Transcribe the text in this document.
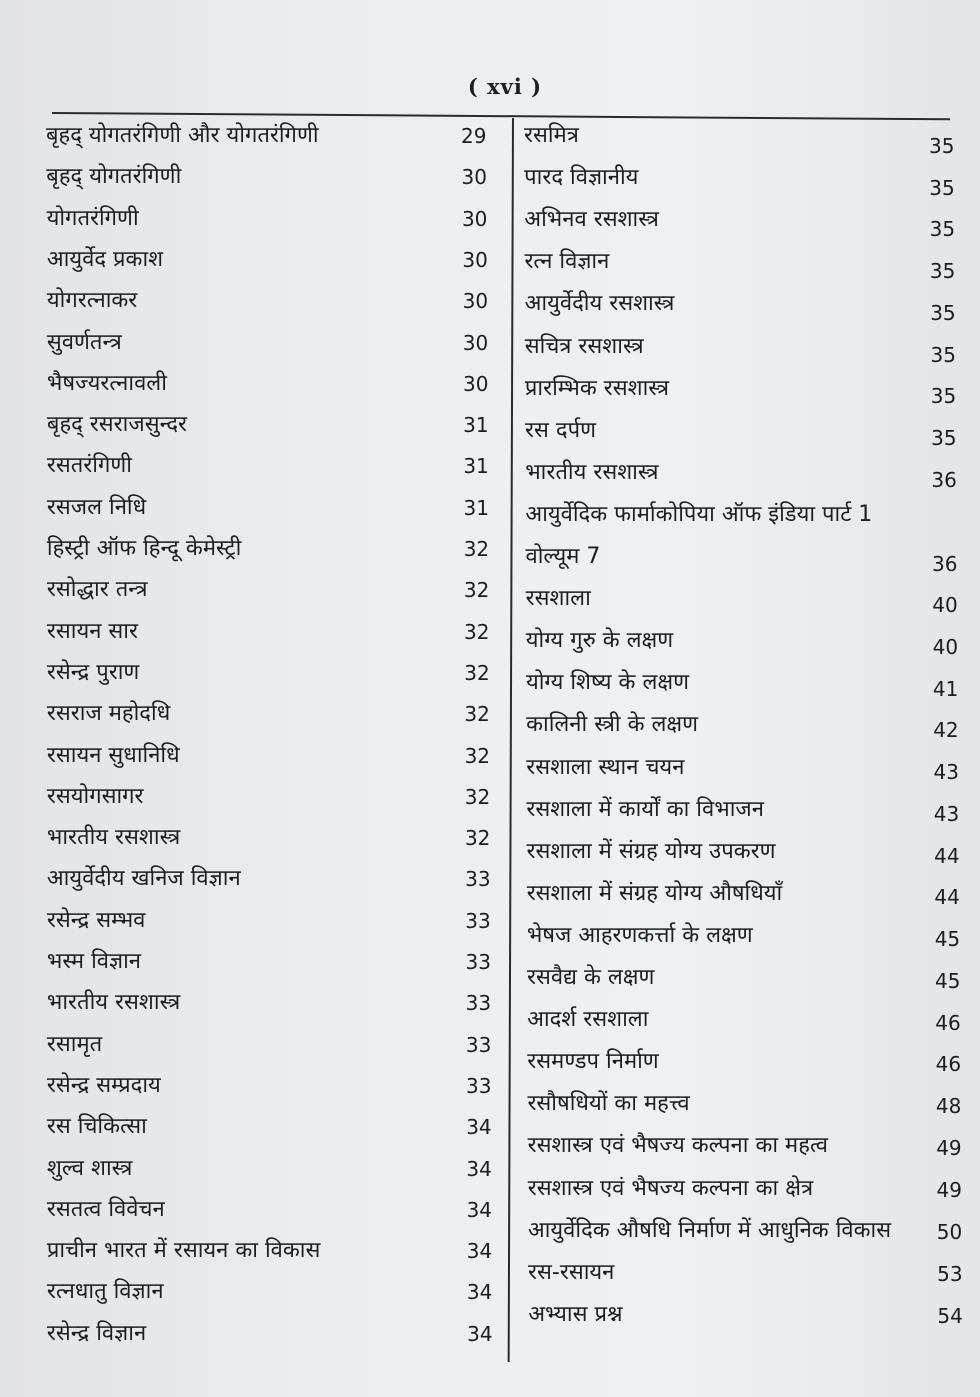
( xvi )
बृहद् योगतरंगिणी और योगतरंगिणी	29
बृहद् योगतरंगिणी	30
योगतरंगिणी	30
आयुर्वेद प्रकाश	30
योगरत्नाकर	30
सुवर्णतन्त्र	30
भैषज्यरत्नावली	30
बृहद् रसराजसुन्दर	31
रसतरंगिणी	31
रसजल निधि	31
हिस्ट्री ऑफ हिन्दू केमेस्ट्री	32
रसोद्धार तन्त्र	32
रसायन सार	32
रसेन्द्र पुराण	32
रसराज महोदधि	32
रसायन सुधानिधि	32
रसयोगसागर	32
भारतीय रसशास्त्र	32
आयुर्वेदीय खनिज विज्ञान	33
रसेन्द्र सम्भव	33
भस्म विज्ञान	33
भारतीय रसशास्त्र	33
रसामृत	33
रसेन्द्र सम्प्रदाय	33
रस चिकित्सा	34
शुल्व शास्त्र	34
रसतत्व विवेचन	34
प्राचीन भारत में रसायन का विकास	34
रत्नधातु विज्ञान	34
रसेन्द्र विज्ञान	34
रसमित्र	35
पारद विज्ञानीय	35
अभिनव रसशास्त्र	35
रत्न विज्ञान	35
आयुर्वेदीय रसशास्त्र	35
सचित्र रसशास्त्र	35
प्रारम्भिक रसशास्त्र	35
रस दर्पण	35
भारतीय रसशास्त्र	36
आयुर्वेदिक फार्माकोपिया ऑफ इंडिया पार्ट 1
वोल्यूम 7	36
रसशाला	40
योग्य गुरु के लक्षण	40
योग्य शिष्य के लक्षण	41
कालिनी स्त्री के लक्षण	42
रसशाला स्थान चयन	43
रसशाला में कार्यों का विभाजन	43
रसशाला में संग्रह योग्य उपकरण	44
रसशाला में संग्रह योग्य औषधियाँ	44
भेषज आहरणकर्त्ता के लक्षण	45
रसवैद्य के लक्षण	45
आदर्श रसशाला	46
रसमण्डप निर्माण	46
रसौषधियों का महत्त्व	48
रसशास्त्र एवं भैषज्य कल्पना का महत्व	49
रसशास्त्र एवं भैषज्य कल्पना का क्षेत्र	49
आयुर्वेदिक औषधि निर्माण में आधुनिक विकास 50
रस-रसायन	53
अभ्यास प्रश्न	54
